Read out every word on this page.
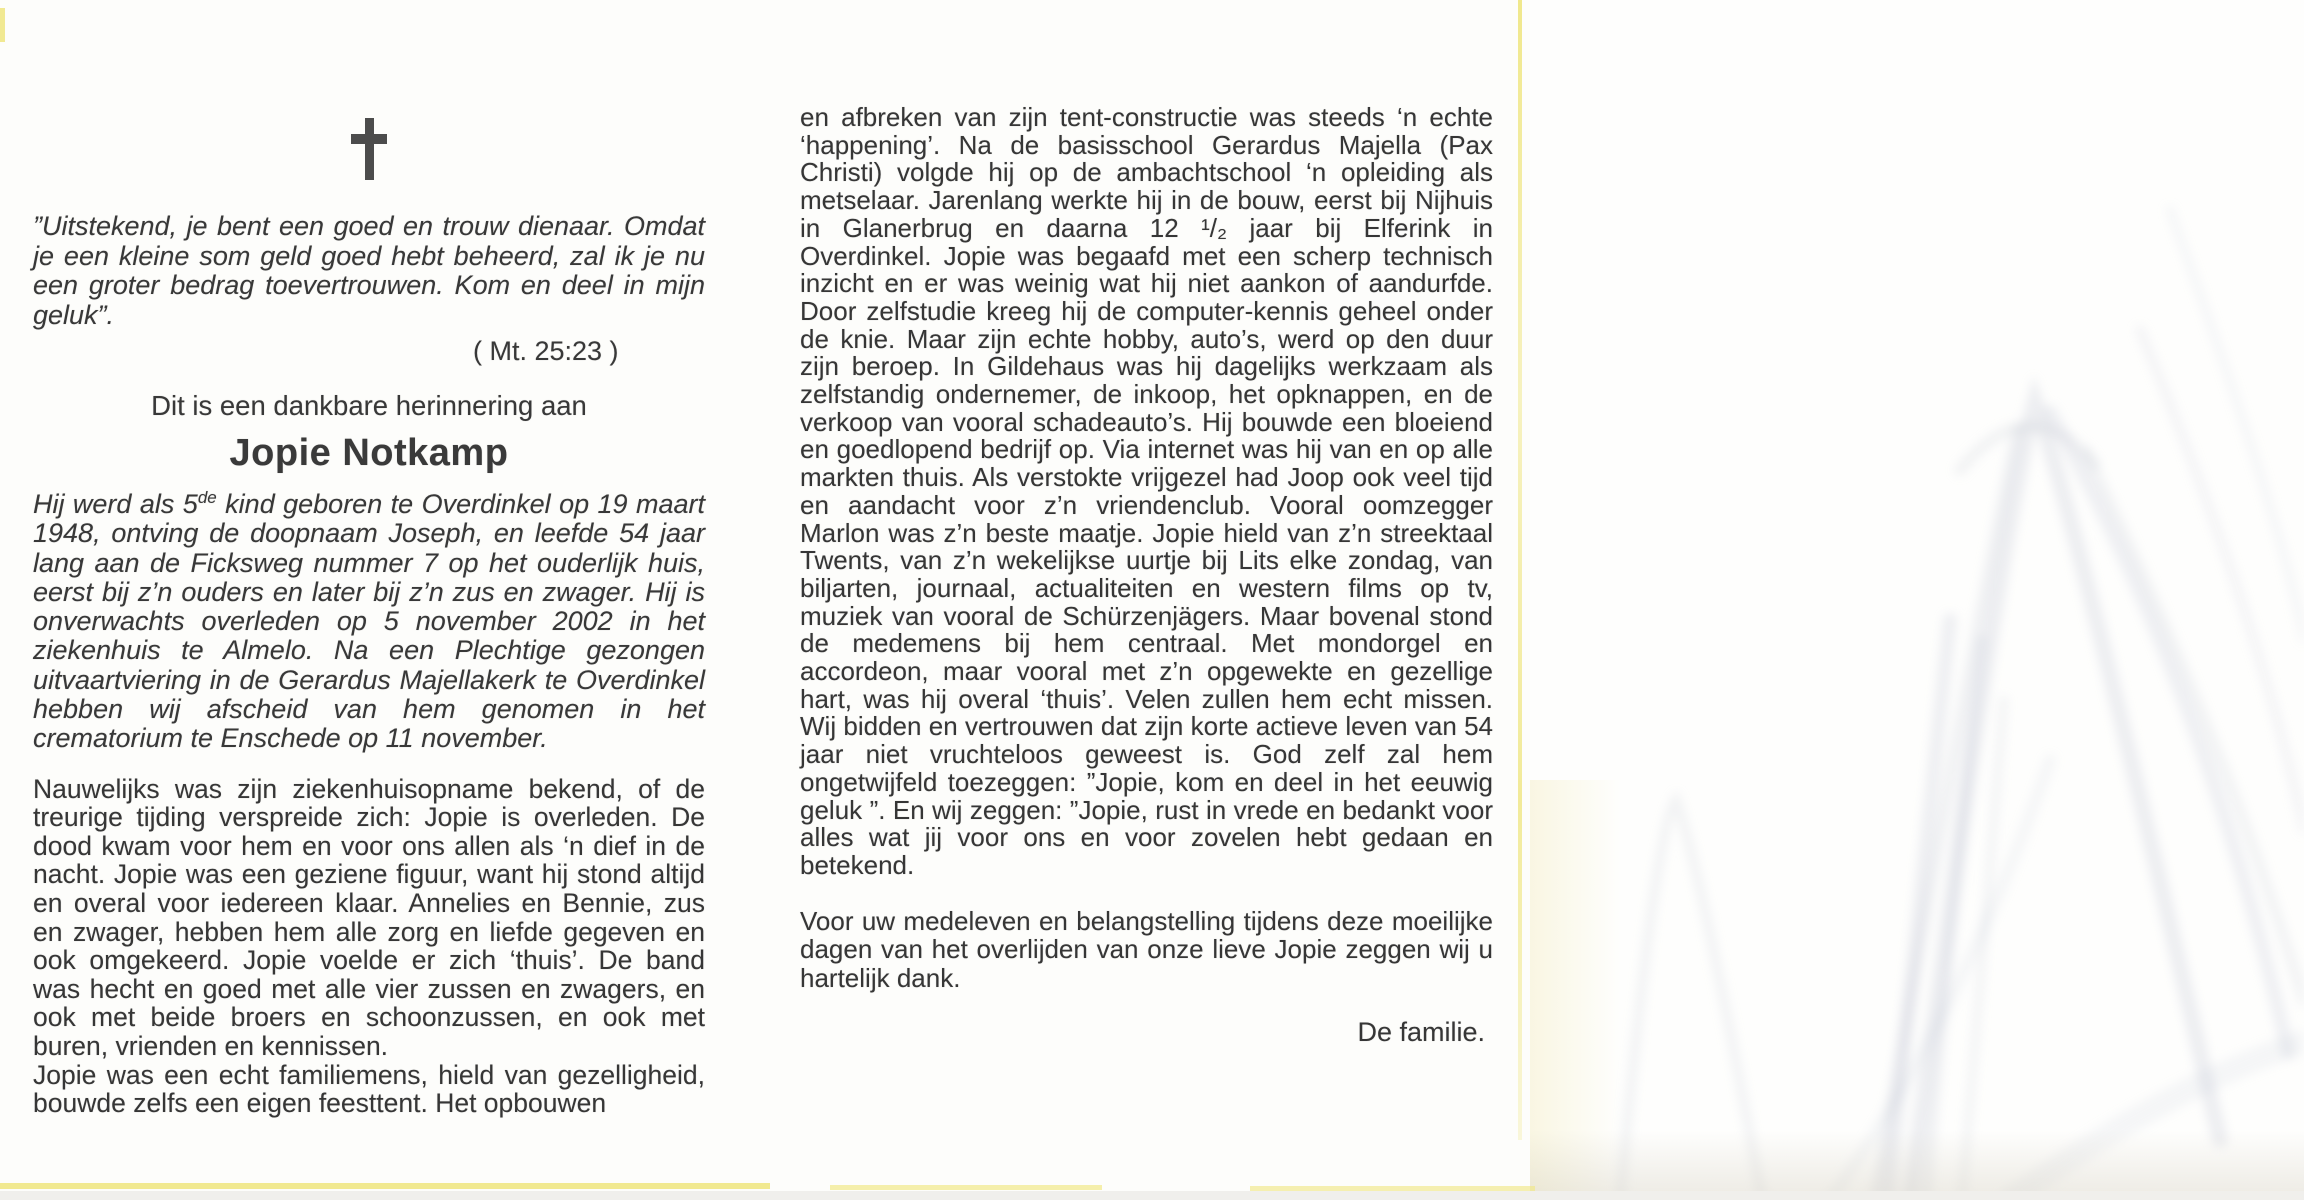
”Uitstekend, je bent een goed en trouw dienaar. Omdat je een kleine som geld goed hebt beheerd, zal ik je nu een groter bedrag toevertrouwen. Kom en deel in mijn geluk”.

( Mt. 25:23 )

Dit is een dankbare herinnering aan

Jopie Notkamp

Hij werd als 5de kind geboren te Overdinkel op 19 maart 1948, ontving de doopnaam Joseph, en leefde 54 jaar lang aan de Ficksweg nummer 7 op het ouderlijk huis, eerst bij z’n ouders en later bij z’n zus en zwager. Hij is onverwachts overleden op 5 november 2002 in het ziekenhuis te Almelo. Na een Plechtige gezongen uitvaartviering in de Gerardus Majellakerk te Overdinkel hebben wij afscheid van hem genomen in het crematorium te Enschede op 11 november.

Nauwelijks was zijn ziekenhuisopname bekend, of de treurige tijding verspreide zich: Jopie is overleden. De dood kwam voor hem en voor ons allen als ‘n dief in de nacht. Jopie was een geziene figuur, want hij stond altijd en overal voor iedereen klaar. Annelies en Bennie, zus en zwager, hebben hem alle zorg en liefde gegeven en ook omgekeerd. Jopie voelde er zich ‘thuis’. De band was hecht en goed met alle vier zussen en zwagers, en ook met beide broers en schoonzussen, en ook met buren, vrienden en kennissen.
Jopie was een echt familiemens, hield van gezelligheid, bouwde zelfs een eigen feesttent. Het opbouwen

en afbreken van zijn tent-constructie was steeds ‘n echte ‘happening’. Na de basisschool Gerardus Majella (Pax Christi) volgde hij op de ambachtschool ‘n opleiding als metselaar. Jarenlang werkte hij in de bouw, eerst bij Nijhuis in Glanerbrug en daarna 12 ¹/₂ jaar bij Elferink in Overdinkel. Jopie was begaafd met een scherp technisch inzicht en er was weinig wat hij niet aankon of aandurfde. Door zelfstudie kreeg hij de computer-kennis geheel onder de knie. Maar zijn echte hobby, auto’s, werd op den duur zijn beroep. In Gildehaus was hij dagelijks werkzaam als zelfstandig ondernemer, de inkoop, het opknappen, en de verkoop van vooral schadeauto’s. Hij bouwde een bloeiend en goedlopend bedrijf op. Via internet was hij van en op alle markten thuis. Als verstokte vrijgezel had Joop ook veel tijd en aandacht voor z’n vriendenclub. Vooral oomzegger Marlon was z’n beste maatje. Jopie hield van z’n streektaal Twents, van z’n wekelijkse uurtje bij Lits elke zondag, van biljarten, journaal, actualiteiten en western films op tv, muziek van vooral de Schürzenjägers. Maar bovenal stond de medemens bij hem centraal. Met mondorgel en accordeon, maar vooral met z’n opgewekte en gezellige hart, was hij overal ‘thuis’. Velen zullen hem echt missen. Wij bidden en vertrouwen dat zijn korte actieve leven van 54 jaar niet vruchteloos geweest is. God zelf zal hem ongetwijfeld toezeggen: ”Jopie, kom en deel in het eeuwig geluk ”. En wij zeggen: ”Jopie, rust in vrede en bedankt voor alles wat jij voor ons en voor zovelen hebt gedaan en betekend.

Voor uw medeleven en belangstelling tijdens deze moeilijke dagen van het overlijden van onze lieve Jopie zeggen wij u hartelijk dank.

De familie.
